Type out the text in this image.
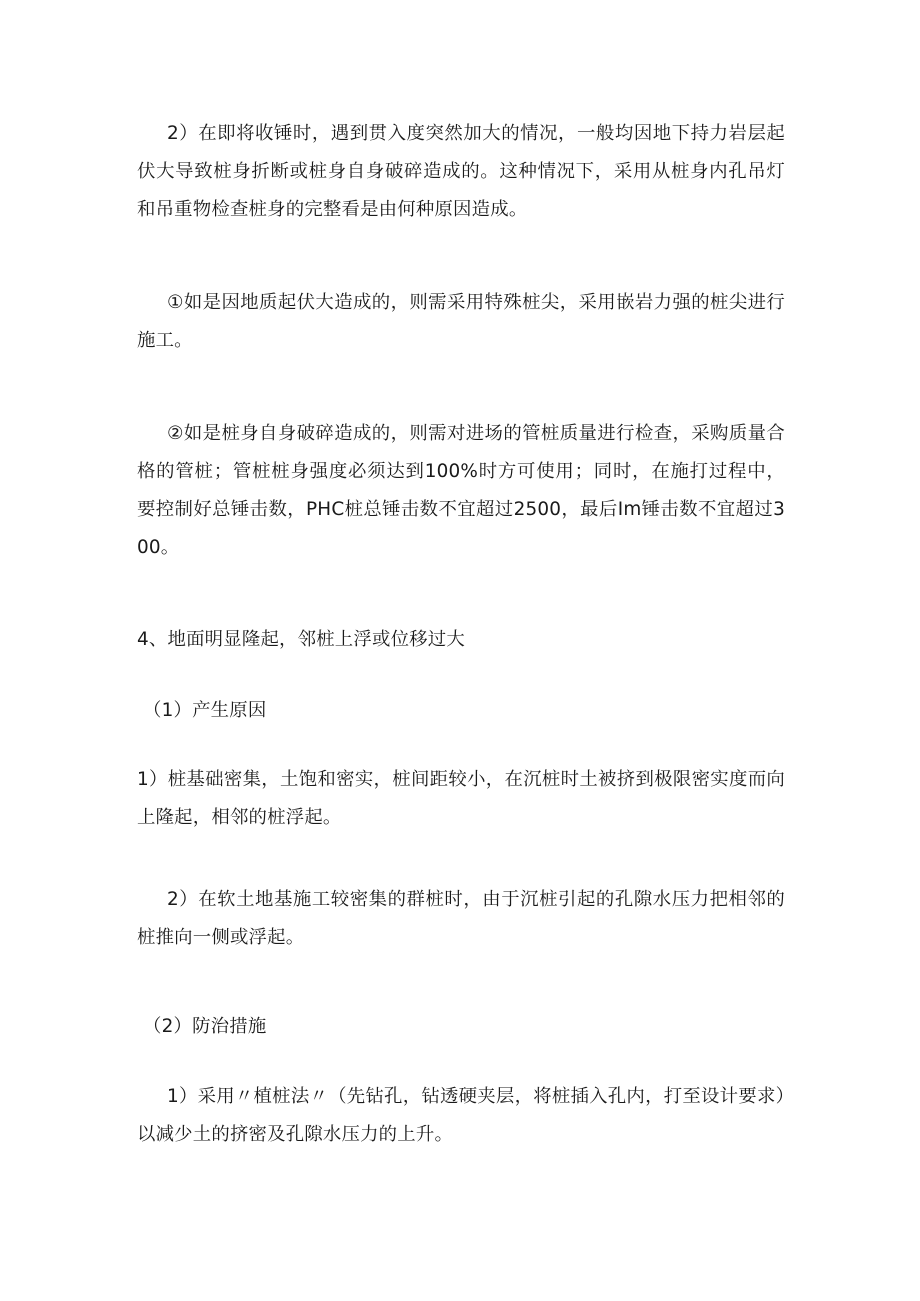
2）在即将收锤时，遇到贯入度突然加大的情况，一般均因地下持力岩层起伏大导致桩身折断或桩身自身破碎造成的。这种情况下，采用从桩身内孔吊灯和吊重物检查桩身的完整看是由何种原因造成。

①如是因地质起伏大造成的，则需采用特殊桩尖，采用嵌岩力强的桩尖进行施工。

②如是桩身自身破碎造成的，则需对进场的管桩质量进行检查，采购质量合格的管桩；管桩桩身强度必须达到100%时方可使用；同时，在施打过程中，要控制好总锤击数，PHC桩总锤击数不宜超过2500，最后Im锤击数不宜超过300。

4、地面明显隆起，邻桩上浮或位移过大

（1）产生原因

1）桩基础密集，土饱和密实，桩间距较小，在沉桩时土被挤到极限密实度而向上隆起，相邻的桩浮起。

2）在软土地基施工较密集的群桩时，由于沉桩引起的孔隙水压力把相邻的桩推向一侧或浮起。

（2）防治措施

1）采用〃植桩法〃（先钻孔，钻透硬夹层，将桩插入孔内，打至设计要求）以减少土的挤密及孔隙水压力的上升。
